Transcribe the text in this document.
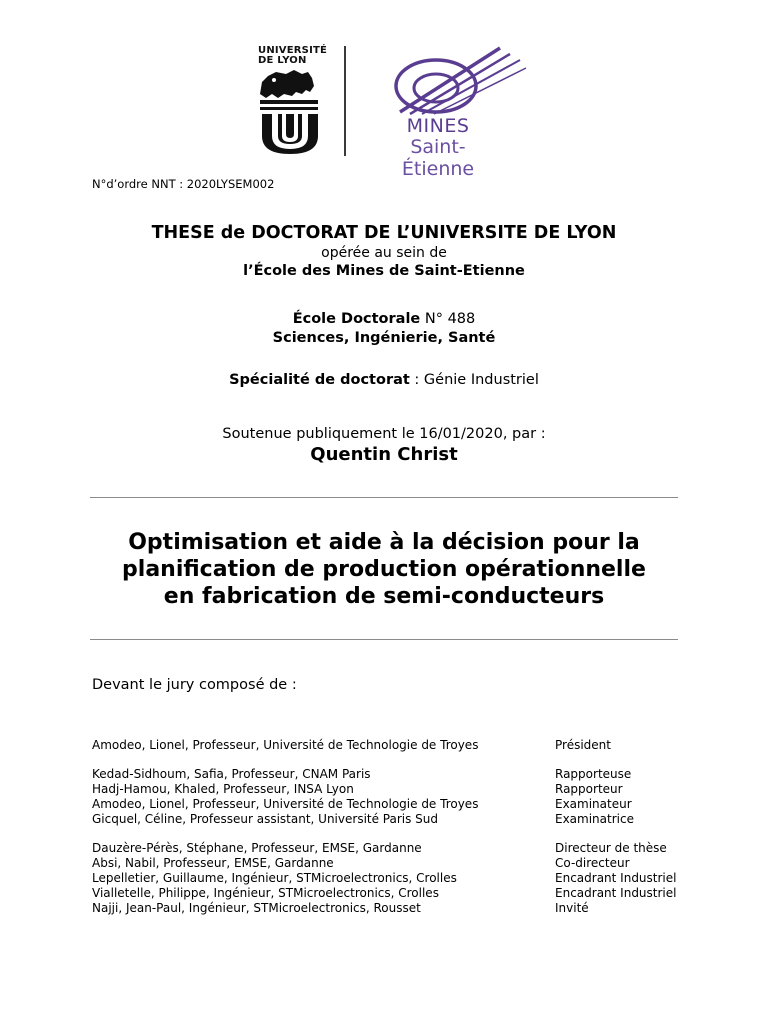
UNIVERSITÉ
DE LYON
MINES
Saint-Étienne
N°d’ordre NNT : 2020LYSEM002
THESE de DOCTORAT DE L’UNIVERSITE DE LYON
opérée au sein de
l’École des Mines de Saint-Etienne
École Doctorale N° 488
Sciences, Ingénierie, Santé
Spécialité de doctorat : Génie Industriel
Soutenue publiquement le 16/01/2020, par :
Quentin Christ
Optimisation et aide à la décision pour la
planification de production opérationnelle
en fabrication de semi-conducteurs
Devant le jury composé de :
Amodeo, Lionel, Professeur, Université de Technologie de Troyes	Président
Kedad-Sidhoum, Safia, Professeur, CNAM Paris	Rapporteuse
Hadj-Hamou, Khaled, Professeur, INSA Lyon	Rapporteur
Amodeo, Lionel, Professeur, Université de Technologie de Troyes	Examinateur
Gicquel, Céline, Professeur assistant, Université Paris Sud	Examinatrice
Dauzère-Pérès, Stéphane, Professeur, EMSE, Gardanne	Directeur de thèse
Absi, Nabil, Professeur, EMSE, Gardanne	Co-directeur
Lepelletier, Guillaume, Ingénieur, STMicroelectronics, Crolles	Encadrant Industriel
Vialletelle, Philippe, Ingénieur, STMicroelectronics, Crolles	Encadrant Industriel
Najji, Jean-Paul, Ingénieur, STMicroelectronics, Rousset	Invité
